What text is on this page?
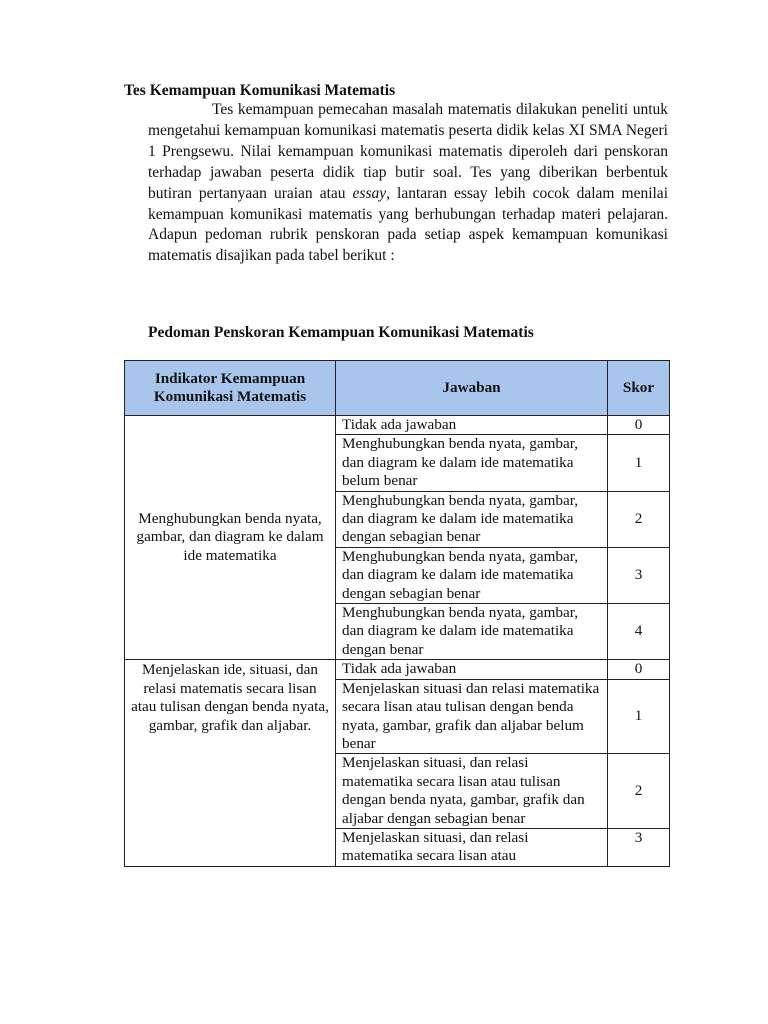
Tes Kemampuan Komunikasi Matematis

Tes kemampuan pemecahan masalah matematis dilakukan peneliti untuk mengetahui kemampuan komunikasi matematis peserta didik kelas XI SMA Negeri 1 Prengsewu. Nilai kemampuan komunikasi matematis diperoleh dari penskoran terhadap jawaban peserta didik tiap butir soal. Tes yang diberikan berbentuk butiran pertanyaan uraian atau essay, lantaran essay lebih cocok dalam menilai kemampuan komunikasi matematis yang berhubungan terhadap materi pelajaran. Adapun pedoman rubrik penskoran pada setiap aspek kemampuan komunikasi matematis disajikan pada tabel berikut :

Pedoman Penskoran Kemampuan Komunikasi Matematis

Indikator Kemampuan Komunikasi Matematis	Jawaban	Skor
Menghubungkan benda nyata, gambar, dan diagram ke dalam ide matematika	Tidak ada jawaban	0
	Menghubungkan benda nyata, gambar, dan diagram ke dalam ide matematika belum benar	1
	Menghubungkan benda nyata, gambar, dan diagram ke dalam ide matematika dengan sebagian benar	2
	Menghubungkan benda nyata, gambar, dan diagram ke dalam ide matematika dengan sebagian benar	3
	Menghubungkan benda nyata, gambar, dan diagram ke dalam ide matematika dengan benar	4
Menjelaskan ide, situasi, dan relasi matematis secara lisan atau tulisan dengan benda nyata, gambar, grafik dan aljabar.	Tidak ada jawaban	0
	Menjelaskan situasi dan relasi matematika secara lisan atau tulisan dengan benda nyata, gambar, grafik dan aljabar belum benar	1
	Menjelaskan situasi, dan relasi matematika secara lisan atau tulisan dengan benda nyata, gambar, grafik dan aljabar dengan sebagian benar	2
	Menjelaskan situasi, dan relasi matematika secara lisan atau	3
